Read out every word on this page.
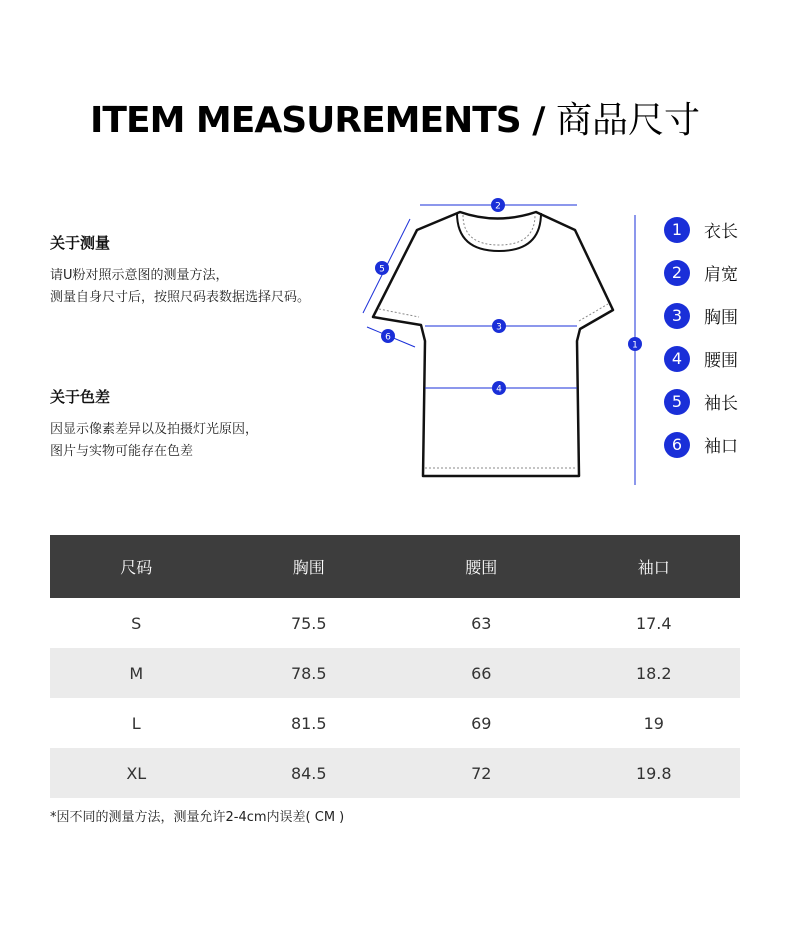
ITEM MEASUREMENTS / 商品尺寸
关于测量

请U粉对照示意图的测量方法，

测量自身尺寸后，按照尺码表数据选择尺码。

关于色差

因显示像素差异以及拍摄灯光原因，

图片与实物可能存在色差

2
5
6
3
4
1
1	衣长
2	肩宽
3	胸围
4	腰围
5	袖长
6	袖口
尺码	胸围	腰围	袖口
S	75.5	63	17.4
M	78.5	66	18.2
L	81.5	69	19
XL	84.5	72	19.8
*因不同的测量方法，测量允许2-4cm内误差( CM )
